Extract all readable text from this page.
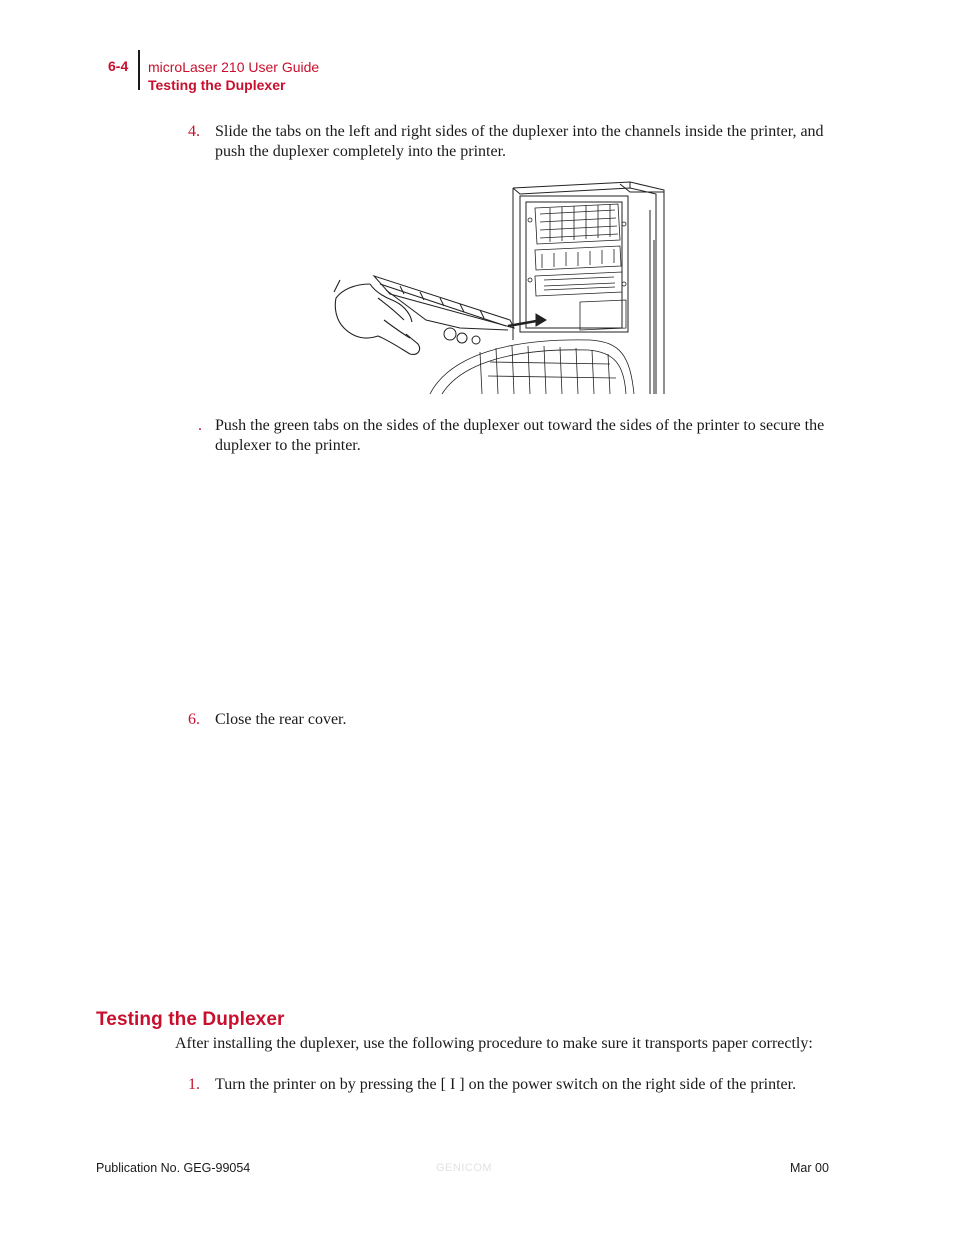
6-4 microLaser 210 User Guide
Testing the Duplexer
4. Slide the tabs on the left and right sides of the duplexer into the channels inside the printer, and push the duplexer completely into the printer.
. Push the green tabs on the sides of the duplexer out toward the sides of the printer to secure the duplexer to the printer.
6. Close the rear cover.
Testing the Duplexer
After installing the duplexer, use the following procedure to make sure it transports paper correctly:
1. Turn the printer on by pressing the [ I ] on the power switch on the right side of the printer.
Publication No. GEG-99054	GENICOM	Mar 00
